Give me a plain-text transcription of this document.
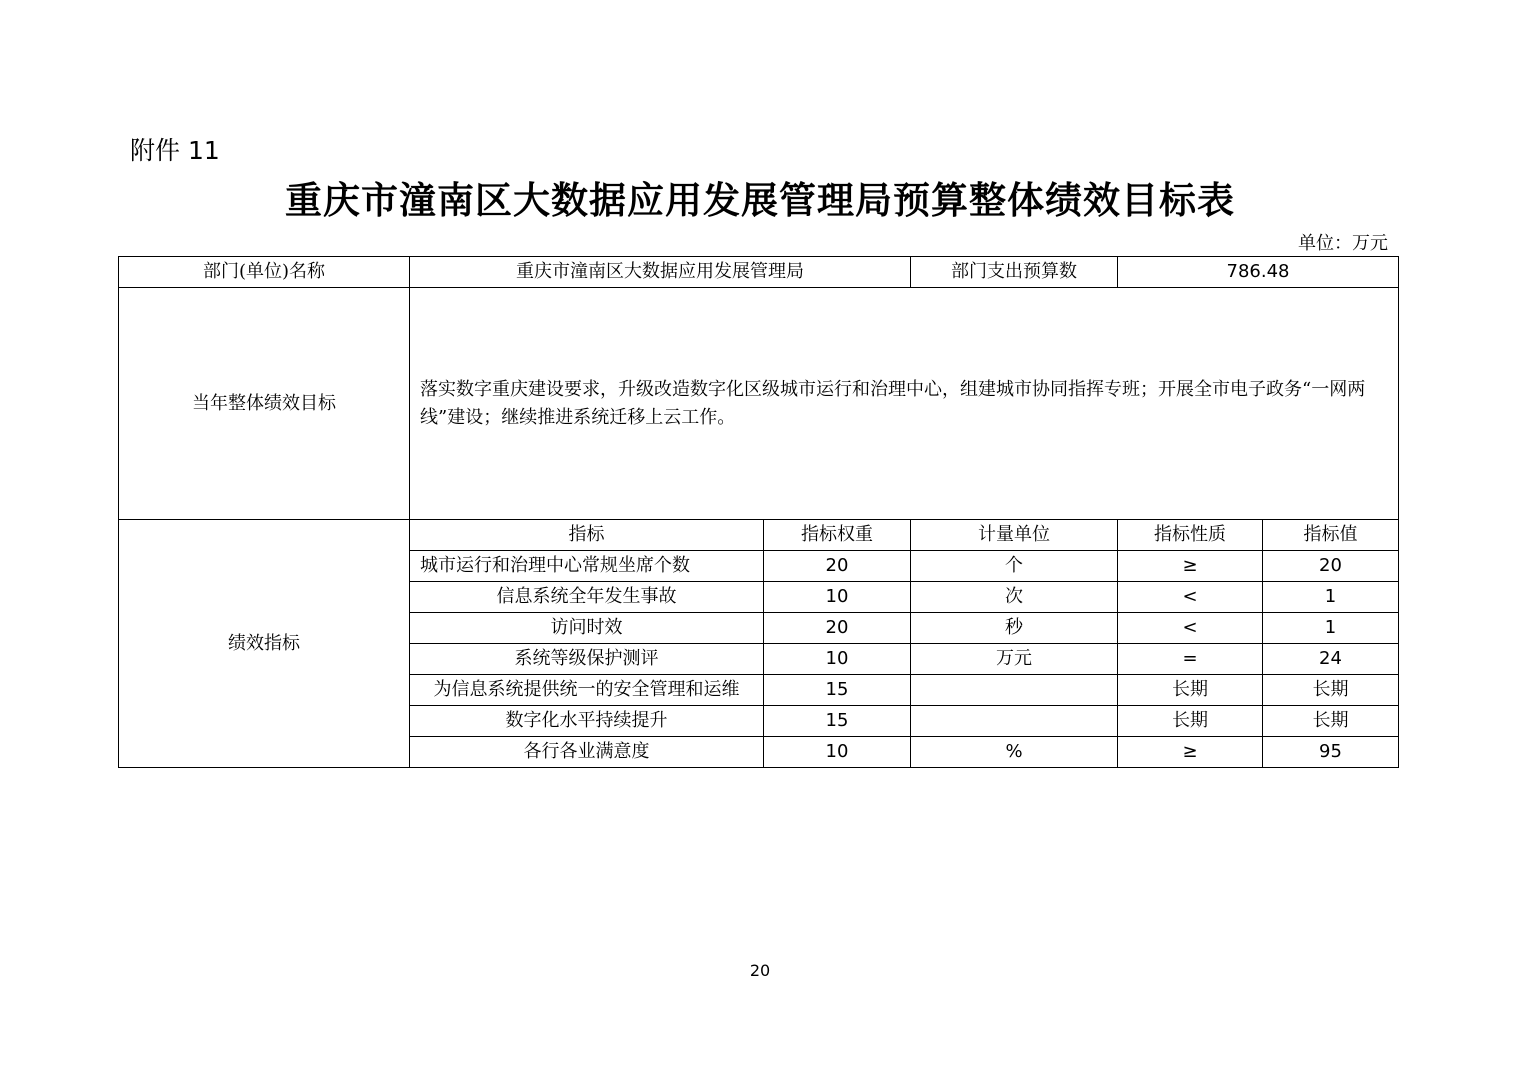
附件 11
重庆市潼南区大数据应用发展管理局预算整体绩效目标表
单位：万元
部门(单位)名称	重庆市潼南区大数据应用发展管理局		部门支出预算数	786.48	
当年整体绩效目标	落实数字重庆建设要求，升级改造数字化区级城市运行和治理中心，组建城市协同指挥专班；开展全市电子政务“一网两线”建设；继续推进系统迁移上云工作。				
绩效指标	指标	指标权重	计量单位	指标性质	指标值
	城市运行和治理中心常规坐席个数	20	个	≥	20
	信息系统全年发生事故	10	次	<	1
	访问时效	20	秒	<	1
	系统等级保护测评	10	万元	=	24
	为信息系统提供统一的安全管理和运维	15		长期	长期
	数字化水平持续提升	15		长期	长期
	各行各业满意度	10	%	≥	95
20
